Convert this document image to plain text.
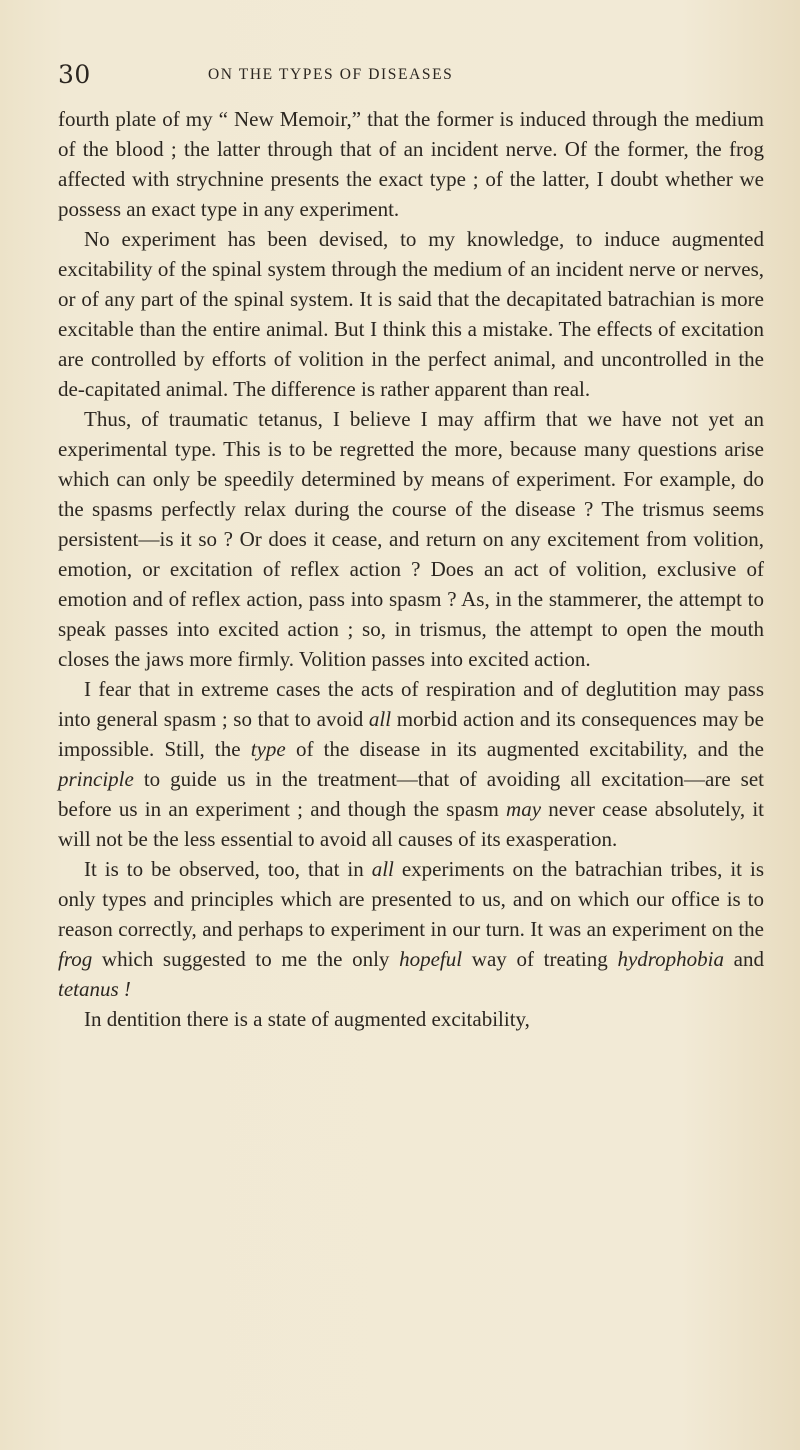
30	ON THE TYPES OF DISEASES

fourth plate of my “ New Memoir,” that the former is induced through the medium of the blood ; the latter through that of an incident nerve. Of the former, the frog affected with strychnine presents the exact type ; of the latter, I doubt whether we possess an exact type in any experiment.

No experiment has been devised, to my knowledge, to induce augmented excitability of the spinal system through the medium of an incident nerve or nerves, or of any part of the spinal system. It is said that the decapitated batrachian is more excitable than the entire animal. But I think this a mistake. The effects of excitation are controlled by efforts of volition in the perfect animal, and uncontrolled in the de-capitated animal. The difference is rather apparent than real.

Thus, of traumatic tetanus, I believe I may affirm that we have not yet an experimental type. This is to be regretted the more, because many questions arise which can only be speedily determined by means of experiment. For example, do the spasms perfectly relax during the course of the disease ? The trismus seems persistent—is it so ? Or does it cease, and return on any excitement from volition, emotion, or excitation of reflex action ? Does an act of volition, exclusive of emotion and of reflex action, pass into spasm ? As, in the stammerer, the attempt to speak passes into excited action ; so, in trismus, the attempt to open the mouth closes the jaws more firmly. Volition passes into excited action.

I fear that in extreme cases the acts of respiration and of deglutition may pass into general spasm ; so that to avoid all morbid action and its consequences may be impossible. Still, the type of the disease in its augmented excitability, and the principle to guide us in the treatment—that of avoiding all excitation—are set before us in an experiment ; and though the spasm may never cease absolutely, it will not be the less essential to avoid all causes of its exasperation.

It is to be observed, too, that in all experiments on the batrachian tribes, it is only types and principles which are presented to us, and on which our office is to reason correctly, and perhaps to experiment in our turn. It was an experiment on the frog which suggested to me the only hopeful way of treating hydrophobia and tetanus !

In dentition there is a state of augmented excitability,
